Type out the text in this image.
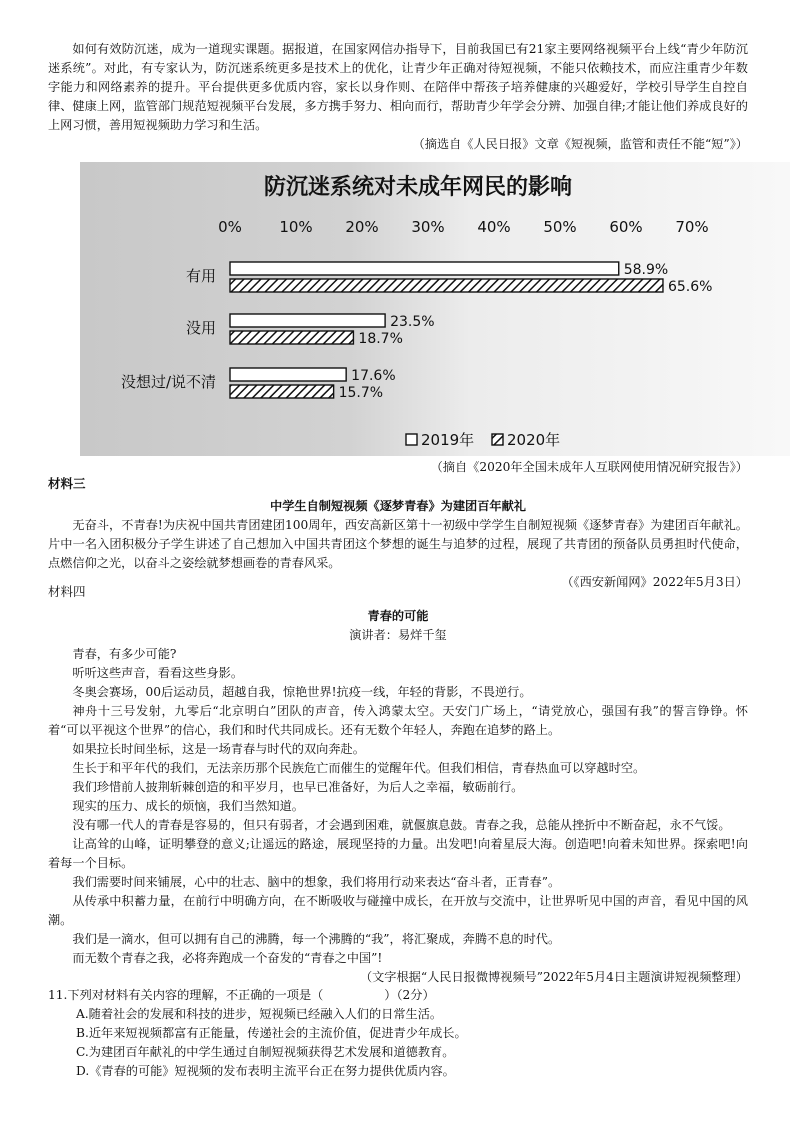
如何有效防沉迷，成为一道现实课题。据报道，在国家网信办指导下，目前我国已有21家主要网络视频平台上线“青少年防沉迷系统”。对此，有专家认为，防沉迷系统更多是技术上的优化，让青少年正确对待短视频，不能只依赖技术，而应注重青少年数字能力和网络素养的提升。平台提供更多优质内容，家长以身作则、在陪伴中帮孩子培养健康的兴趣爱好，学校引导学生自控自律、健康上网，监管部门规范短视频平台发展，多方携手努力、相向而行，帮助青少年学会分辨、加强自律;才能让他们养成良好的上网习惯，善用短视频助力学习和生活。

（摘选自《人民日报》文章《短视频，监管和责任不能“短”》）

防沉迷系统对未成年网民的影响
0% 10% 20% 30% 40% 50% 60% 70%
58.9%
65.6%
23.5%
18.7%
17.6%
15.7%
有用
没用
没想过/说不清
2019年 2020年

（摘自《2020年全国未成年人互联网使用情况研究报告》）

材料三

中学生自制短视频《逐梦青春》为建团百年献礼

无奋斗，不青春!为庆祝中国共青团建团100周年，西安高新区第十一初级中学学生自制短视频《逐梦青春》为建团百年献礼。片中一名入团积极分子学生讲述了自己想加入中国共青团这个梦想的诞生与追梦的过程，展现了共青团的预备队员勇担时代使命，点燃信仰之光，以奋斗之姿绘就梦想画卷的青春风采。

（《西安新闻网》2022年5月3日）

材料四

青春的可能

演讲者：易烊千玺

青春，有多少可能?

听听这些声音，看看这些身影。

冬奥会赛场，00后运动员，超越自我，惊艳世界!抗疫一线，年轻的背影，不畏逆行。

神舟十三号发射，九零后“北京明白”团队的声音，传入鸿蒙太空。天安门广场上，“请党放心，强国有我”的誓言铮铮。怀着“可以平视这个世界”的信心，我们和时代共同成长。还有无数个年轻人，奔跑在追梦的路上。

如果拉长时间坐标，这是一场青春与时代的双向奔赴。

生长于和平年代的我们，无法亲历那个民族危亡而催生的觉醒年代。但我们相信，青春热血可以穿越时空。

我们珍惜前人披荆斩棘创造的和平岁月，也早已准备好，为后人之幸福，敏砺前行。

现实的压力、成长的烦恼，我们当然知道。

没有哪一代人的青春是容易的，但只有弱者，才会遇到困难，就偃旗息鼓。青春之我，总能从挫折中不断奋起，永不气馁。

让高耸的山峰，证明攀登的意义;让遥远的路途，展现坚持的力量。出发吧!向着星辰大海。创造吧!向着未知世界。探索吧!向着每一个目标。

我们需要时间来铺展，心中的壮志、脑中的想象，我们将用行动来表达“奋斗者，正青春”。

从传承中积蓄力量，在前行中明确方向，在不断吸收与碰撞中成长，在开放与交流中，让世界听见中国的声音，看见中国的风潮。

我们是一滴水，但可以拥有自己的沸腾，每一个沸腾的“我”，将汇聚成，奔腾不息的时代。

而无数个青春之我，必将奔跑成一个奋发的“青春之中国”!

（文字根据“人民日报微博视频号”2022年5月4日主题演讲短视频整理）

11.下列对材料有关内容的理解，不正确的一项是（　　　　　）（2分）

A.随着社会的发展和科技的进步，短视频已经融入人们的日常生活。

B.近年来短视频都富有正能量，传递社会的主流价值，促进青少年成长。

C.为建团百年献礼的中学生通过自制短视频获得艺术发展和道德教育。

D.《青春的可能》短视频的发布表明主流平台正在努力提供优质内容。
